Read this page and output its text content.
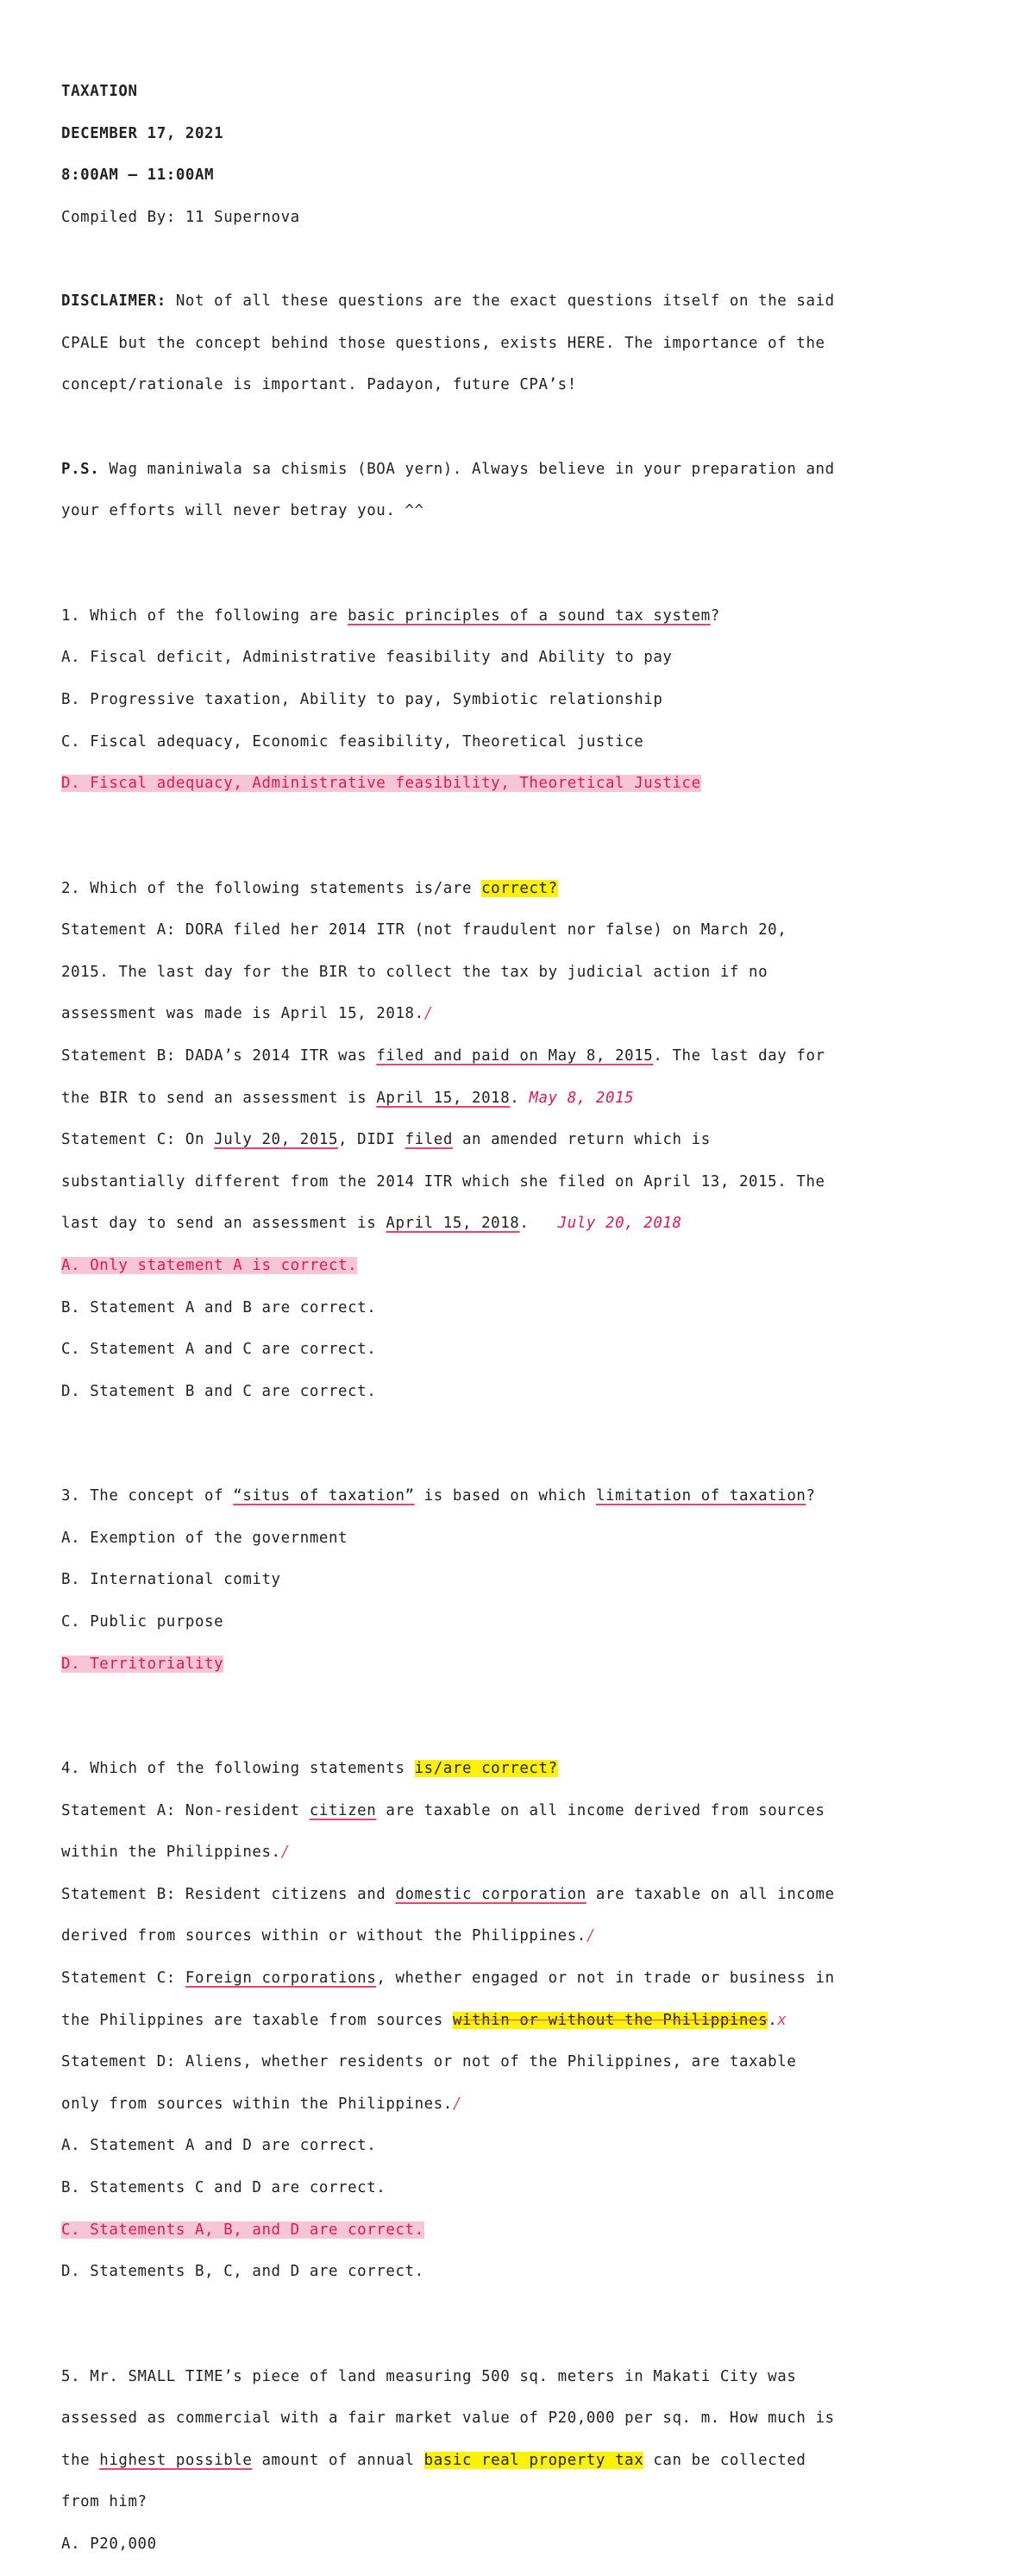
TAXATION

DECEMBER 17, 2021

8:00AM – 11:00AM

Compiled By: 11 Supernova

DISCLAIMER: Not of all these questions are the exact questions itself on the said

CPALE but the concept behind those questions, exists HERE. The importance of the

concept/rationale is important. Padayon, future CPA’s!

P.S. Wag maniniwala sa chismis (BOA yern). Always believe in your preparation and

your efforts will never betray you. ^^

1. Which of the following are basic principles of a sound tax system?

A. Fiscal deficit, Administrative feasibility and Ability to pay

B. Progressive taxation, Ability to pay, Symbiotic relationship

C. Fiscal adequacy, Economic feasibility, Theoretical justice

D. Fiscal adequacy, Administrative feasibility, Theoretical Justice

2. Which of the following statements is/are correct?

Statement A: DORA filed her 2014 ITR (not fraudulent nor false) on March 20,

2015. The last day for the BIR to collect the tax by judicial action if no

assessment was made is April 15, 2018./

Statement B: DADA’s 2014 ITR was filed and paid on May 8, 2015. The last day for

the BIR to send an assessment is April 15, 2018. May 8, 2015

Statement C: On July 20, 2015, DIDI filed an amended return which is

substantially different from the 2014 ITR which she filed on April 13, 2015. The

last day to send an assessment is April 15, 2018.   July 20, 2018

A. Only statement A is correct.

B. Statement A and B are correct.

C. Statement A and C are correct.

D. Statement B and C are correct.

3. The concept of “situs of taxation” is based on which limitation of taxation?

A. Exemption of the government

B. International comity

C. Public purpose

D. Territoriality

4. Which of the following statements is/are correct?

Statement A: Non-resident citizen are taxable on all income derived from sources

within the Philippines./

Statement B: Resident citizens and domestic corporation are taxable on all income

derived from sources within or without the Philippines./

Statement C: Foreign corporations, whether engaged or not in trade or business in

the Philippines are taxable from sources within or without the Philippines.x

Statement D: Aliens, whether residents or not of the Philippines, are taxable

only from sources within the Philippines./

A. Statement A and D are correct.

B. Statements C and D are correct.

C. Statements A, B, and D are correct.

D. Statements B, C, and D are correct.

5. Mr. SMALL TIME’s piece of land measuring 500 sq. meters in Makati City was

assessed as commercial with a fair market value of P20,000 per sq. m. How much is

the highest possible amount of annual basic real property tax can be collected

from him?

A. P20,000
